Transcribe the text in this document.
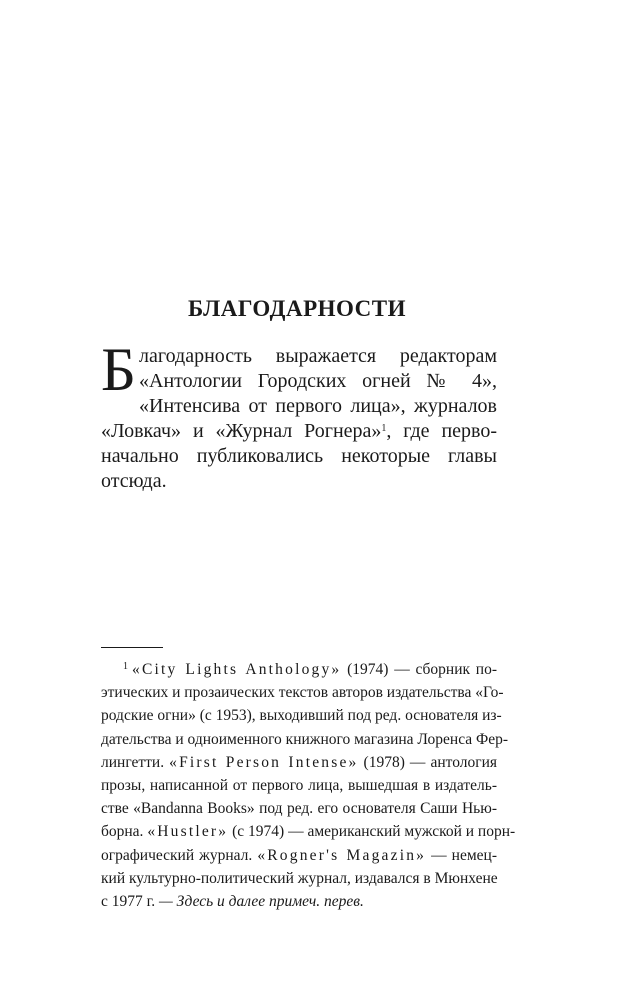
БЛАГОДАРНОСТИ
Б лагодарность выражается редакторам
«Антологии Городских огней № 4»,
«Интенсива от первого лица», журналов
«Ловкач» и «Журнал Рогнера»$^1$, где перво-
начально публиковались некоторые главы
отсюда.
$^1$ «City Lights Anthology» (1974) — сборник по-
этических и прозаических текстов авторов издательства «Го-
родские огни» (с 1953), выходивший под ред. основателя из-
дательства и одноименного книжного магазина Лоренса Фер-
лингетти. «First Person Intense» (1978) — антология
прозы, написанной от первого лица, вышедшая в издатель-
стве «Bandanna Books» под ред. его основателя Саши Нью-
борна. «Hustler» (с 1974) — американский мужской и порн-
ографический журнал. «Rogner's Magazin» — немец-
кий культурно-политический журнал, издавался в Мюнхене
с 1977 г. — Здесь и далее примеч. перев.
